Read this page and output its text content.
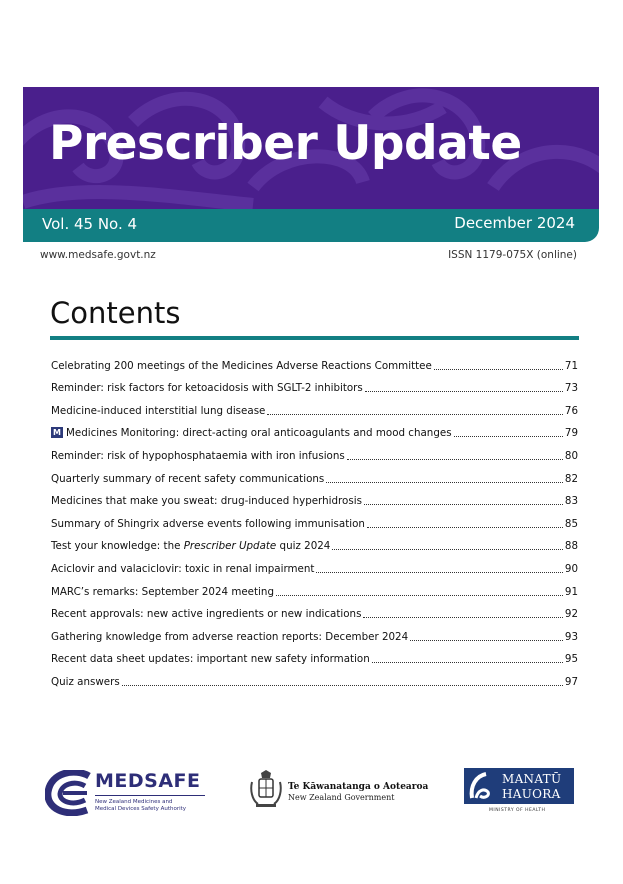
Prescriber Update
Vol. 45 No. 4	December 2024
www.medsafe.govt.nz	ISSN 1179-075X (online)
Contents
Celebrating 200 meetings of the Medicines Adverse Reactions Committee	71
Reminder: risk factors for ketoacidosis with SGLT-2 inhibitors	73
Medicine-induced interstitial lung disease	76
M Medicines Monitoring: direct-acting oral anticoagulants and mood changes	79
Reminder: risk of hypophosphataemia with iron infusions	80
Quarterly summary of recent safety communications	82
Medicines that make you sweat: drug-induced hyperhidrosis	83
Summary of Shingrix adverse events following immunisation	85
Test your knowledge: the Prescriber Update quiz 2024	88
Aciclovir and valaciclovir: toxic in renal impairment	90
MARC’s remarks: September 2024 meeting	91
Recent approvals: new active ingredients or new indications	92
Gathering knowledge from adverse reaction reports: December 2024	93
Recent data sheet updates: important new safety information	95
Quiz answers	97
MEDSAFE
New Zealand Medicines and
Medical Devices Safety Authority
Te Kāwanatanga o Aotearoa
New Zealand Government
MANATŪ
HAUORA
MINISTRY OF HEALTH
